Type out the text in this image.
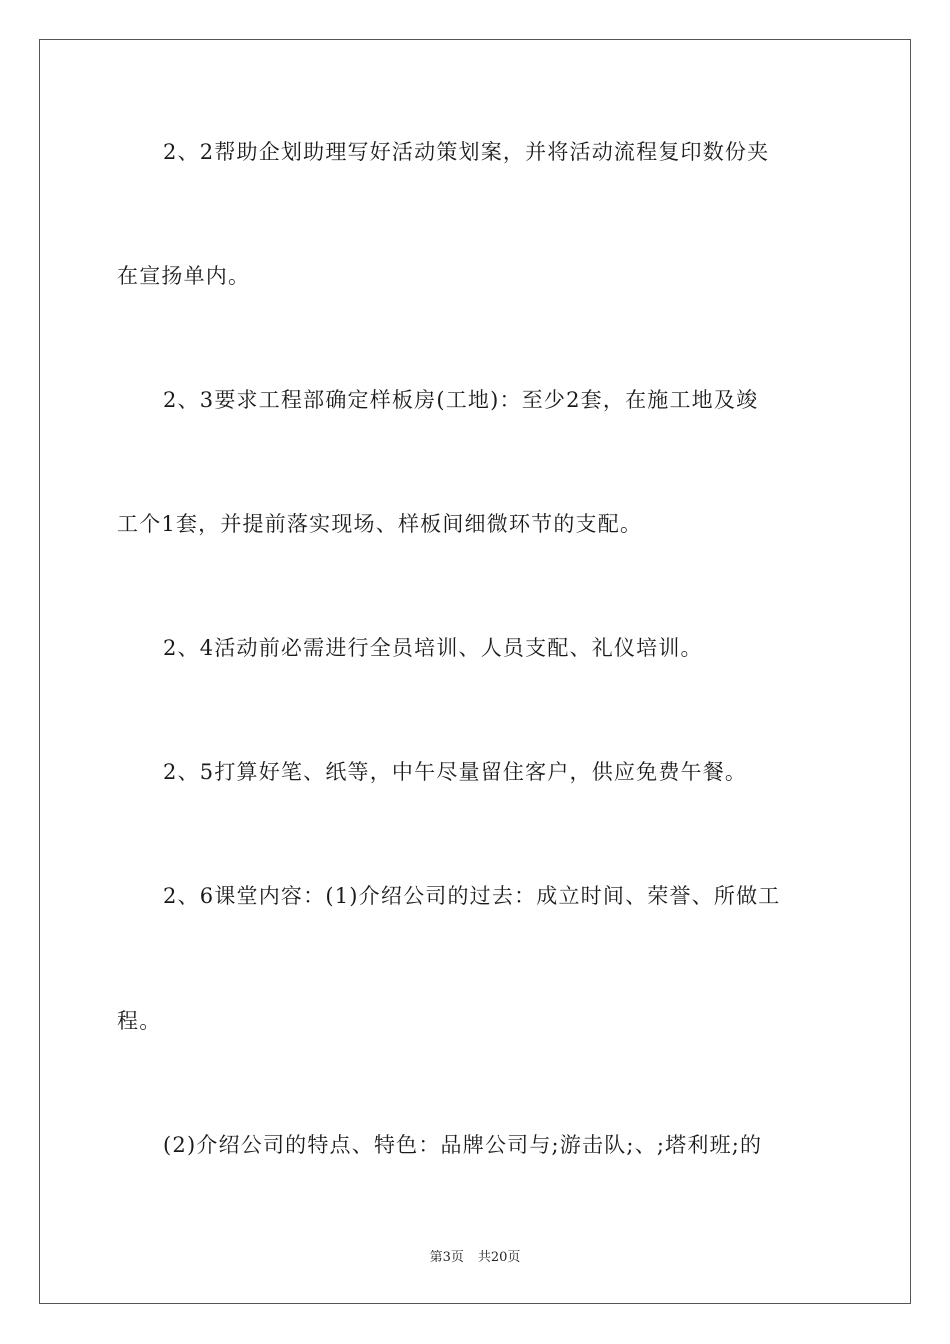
2、2帮助企划助理写好活动策划案，并将活动流程复印数份夹
在宣扬单内。
2、3要求工程部确定样板房(工地)：至少2套，在施工地及竣
工个1套，并提前落实现场、样板间细微环节的支配。
2、4活动前必需进行全员培训、人员支配、礼仪培训。
2、5打算好笔、纸等，中午尽量留住客户，供应免费午餐。
2、6课堂内容：(1)介绍公司的过去：成立时间、荣誉、所做工
程。
(2)介绍公司的特点、特色：品牌公司与;游击队;、;塔利班;的
第3页 共20页
